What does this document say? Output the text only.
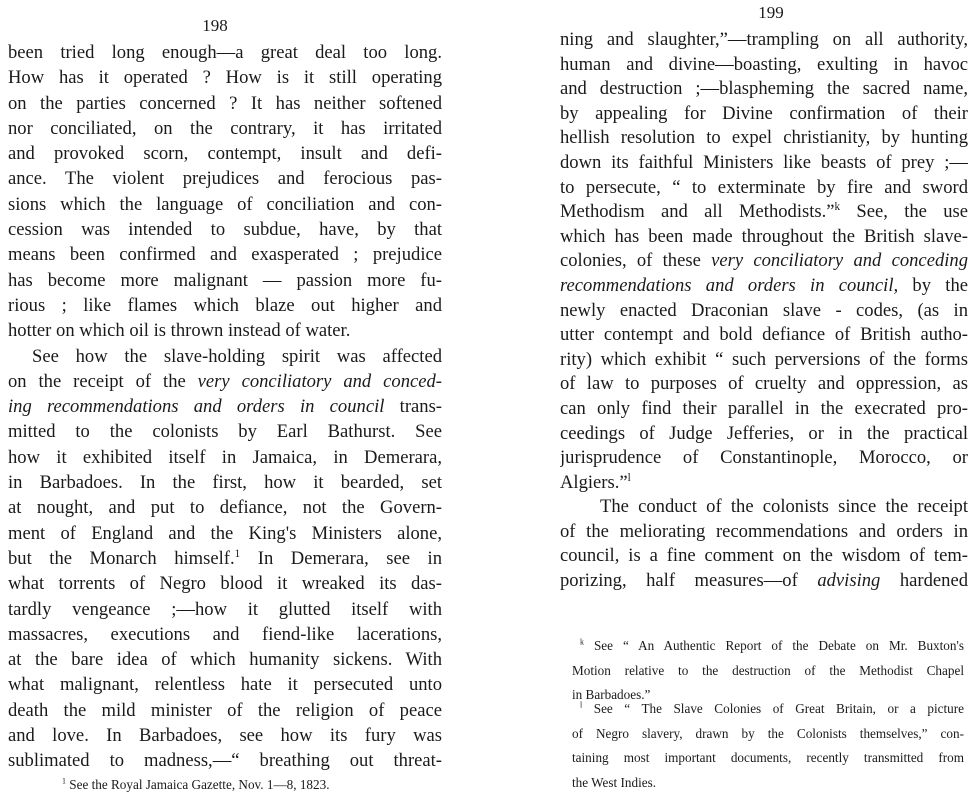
198
been tried long enough—a great deal too long.
How has it operated ? How is it still operating
on the parties concerned ? It has neither softened
nor conciliated, on the contrary, it has irritated
and provoked scorn, contempt, insult and defi-
ance. The violent prejudices and ferocious pas-
sions which the language of conciliation and con-
cession was intended to subdue, have, by that
means been confirmed and exasperated ; prejudice
has become more malignant — passion more fu-
rious ; like flames which blaze out higher and
hotter on which oil is thrown instead of water.
See how the slave-holding spirit was affected
on the receipt of the very conciliatory and conced-
ing recommendations and orders in council trans-
mitted to the colonists by Earl Bathurst. See
how it exhibited itself in Jamaica, in Demerara,
in Barbadoes. In the first, how it bearded, set
at nought, and put to defiance, not the Govern-
ment of England and the King's Ministers alone,
but the Monarch himself.$^1$ In Demerara, see in
what torrents of Negro blood it wreaked its das-
tardly vengeance ;—how it glutted itself with
massacres, executions and fiend-like lacerations,
at the bare idea of which humanity sickens. With
what malignant, relentless hate it persecuted unto
death the mild minister of the religion of peace
and love. In Barbadoes, see how its fury was
sublimated to madness,—“ breathing out threat-
$^1$ See the Royal Jamaica Gazette, Nov. 1—8, 1823.
199
ning and slaughter,”—trampling on all authority,
human and divine—boasting, exulting in havoc
and destruction ;—blaspheming the sacred name,
by appealing for Divine confirmation of their
hellish resolution to expel christianity, by hunting
down its faithful Ministers like beasts of prey ;—
to persecute, “ to exterminate by fire and sword
Methodism and all Methodists.”$^k$ See, the use
which has been made throughout the British slave-
colonies, of these very conciliatory and conceding
recommendations and orders in council, by the
newly enacted Draconian slave - codes, (as in
utter contempt and bold defiance of British autho-
rity) which exhibit “ such perversions of the forms
of law to purposes of cruelty and oppression, as
can only find their parallel in the execrated pro-
ceedings of Judge Jefferies, or in the practical
jurisprudence of Constantinople, Morocco, or
Algiers.”$^l$
The conduct of the colonists since the receipt
of the meliorating recommendations and orders in
council, is a fine comment on the wisdom of tem-
porizing, half measures—of advising hardened
$^k$ See “ An Authentic Report of the Debate on Mr. Buxton's
Motion relative to the destruction of the Methodist Chapel
in Barbadoes.”
$^l$ See “ The Slave Colonies of Great Britain, or a picture
of Negro slavery, drawn by the Colonists themselves,” con-
taining most important documents, recently transmitted from
the West Indies.
